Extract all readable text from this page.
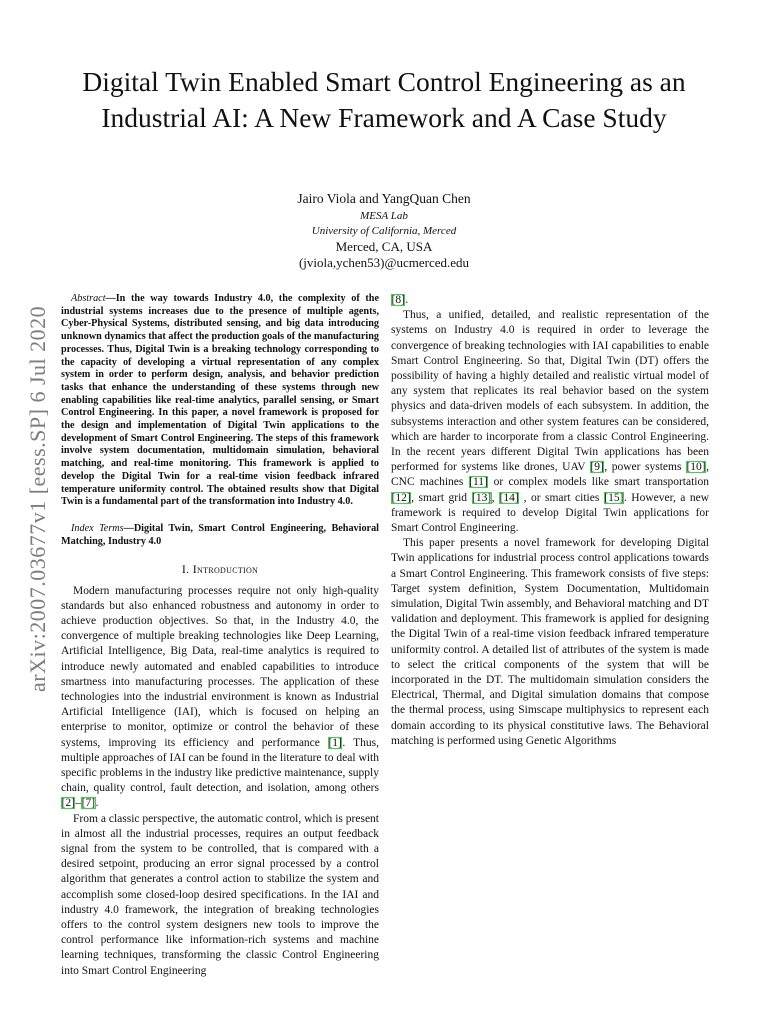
arXiv:2007.03677v1 [eess.SP] 6 Jul 2020
Digital Twin Enabled Smart Control Engineering as an Industrial AI: A New Framework and A Case Study
Jairo Viola and YangQuan Chen
MESA Lab
University of California, Merced
Merced, CA, USA
(jviola,ychen53)@ucmerced.edu

Abstract—In the way towards Industry 4.0, the complexity of the industrial systems increases due to the presence of multiple agents, Cyber-Physical Systems, distributed sensing, and big data introducing unknown dynamics that affect the production goals of the manufacturing processes. Thus, Digital Twin is a breaking technology corresponding to the capacity of developing a virtual representation of any complex system in order to perform design, analysis, and behavior prediction tasks that enhance the understanding of these systems through new enabling capabilities like real-time analytics, parallel sensing, or Smart Control Engineering. In this paper, a novel framework is proposed for the design and implementation of Digital Twin applications to the development of Smart Control Engineering. The steps of this framework involve system documentation, multidomain simulation, behavioral matching, and real-time monitoring. This framework is applied to develop the Digital Twin for a real-time vision feedback infrared temperature uniformity control. The obtained results show that Digital Twin is a fundamental part of the transformation into Industry 4.0.

Index Terms—Digital Twin, Smart Control Engineering, Behavioral Matching, Industry 4.0

I. Introduction

Modern manufacturing processes require not only high-quality standards but also enhanced robustness and autonomy in order to achieve production objectives. So that, in the Industry 4.0, the convergence of multiple breaking technologies like Deep Learning, Artificial Intelligence, Big Data, real-time analytics is required to introduce newly automated and enabled capabilities to introduce smartness into manufacturing processes. The application of these technologies into the industrial environment is known as Industrial Artificial Intelligence (IAI), which is focused on helping an enterprise to monitor, optimize or control the behavior of these systems, improving its efficiency and performance [1]. Thus, multiple approaches of IAI can be found in the literature to deal with specific problems in the industry like predictive maintenance, supply chain, quality control, fault detection, and isolation, among others [2]–[7].

From a classic perspective, the automatic control, which is present in almost all the industrial processes, requires an output feedback signal from the system to be controlled, that is compared with a desired setpoint, producing an error signal processed by a control algorithm that generates a control action to stabilize the system and accomplish some closed-loop desired specifications. In the IAI and industry 4.0 framework, the integration of breaking technologies offers to the control system designers new tools to improve the control performance like information-rich systems and machine learning techniques, transforming the classic Control Engineering into Smart Control Engineering

[8].

Thus, a unified, detailed, and realistic representation of the systems on Industry 4.0 is required in order to leverage the convergence of breaking technologies with IAI capabilities to enable Smart Control Engineering. So that, Digital Twin (DT) offers the possibility of having a highly detailed and realistic virtual model of any system that replicates its real behavior based on the system physics and data-driven models of each subsystem. In addition, the subsystems interaction and other system features can be considered, which are harder to incorporate from a classic Control Engineering. In the recent years different Digital Twin applications has been performed for systems like drones, UAV [9], power systems [10], CNC machines [11] or complex models like smart transportation [12], smart grid [13], [14] , or smart cities [15]. However, a new framework is required to develop Digital Twin applications for Smart Control Engineering.

This paper presents a novel framework for developing Digital Twin applications for industrial process control applications towards a Smart Control Engineering. This framework consists of five steps: Target system definition, System Documentation, Multidomain simulation, Digital Twin assembly, and Behavioral matching and DT validation and deployment. This framework is applied for designing the Digital Twin of a real-time vision feedback infrared temperature uniformity control. A detailed list of attributes of the system is made to select the critical components of the system that will be incorporated in the DT. The multidomain simulation considers the Electrical, Thermal, and Digital simulation domains that compose the thermal process, using Simscape multiphysics to represent each domain according to its physical constitutive laws. The Behavioral matching is performed using Genetic Algorithms
